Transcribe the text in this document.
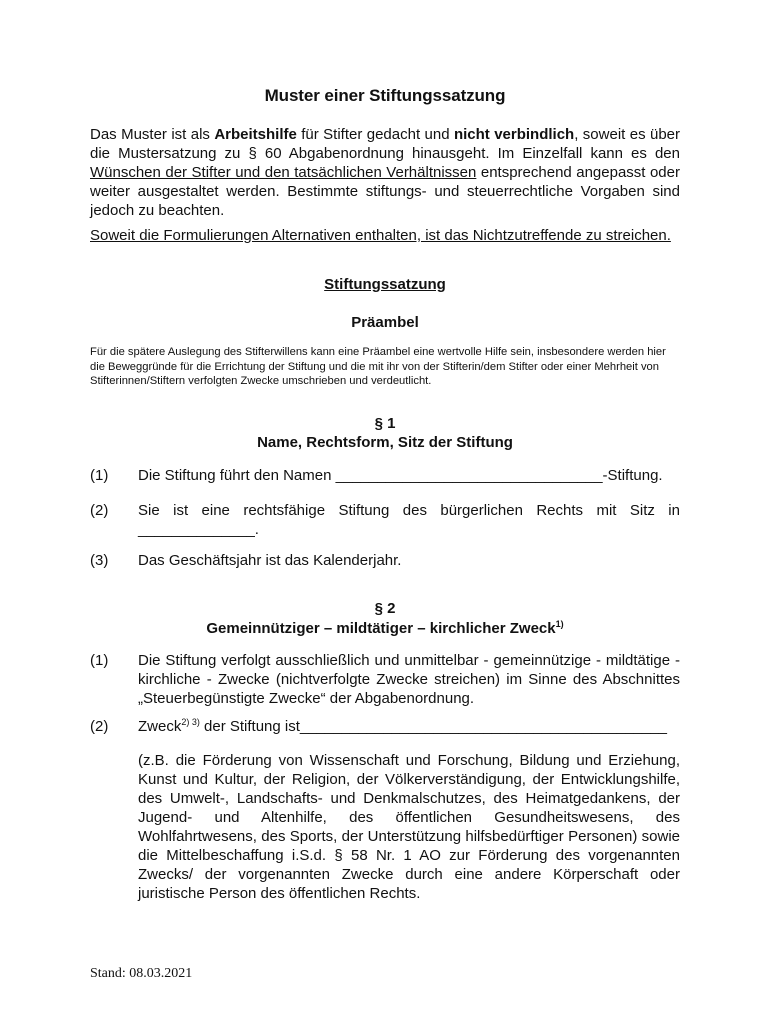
Muster einer Stiftungssatzung
Das Muster ist als Arbeitshilfe für Stifter gedacht und nicht verbindlich, soweit es über die Mustersatzung zu § 60 Abgabenordnung hinausgeht. Im Einzelfall kann es den Wünschen der Stifter und den tatsächlichen Verhältnissen entsprechend angepasst oder weiter ausgestaltet werden. Bestimmte stiftungs- und steuerrechtliche Vorgaben sind jedoch zu beachten.
Soweit die Formulierungen Alternativen enthalten, ist das Nichtzutreffende zu streichen.
Stiftungssatzung
Präambel
Für die spätere Auslegung des Stifterwillens kann eine Präambel eine wertvolle Hilfe sein, insbesondere werden hier die Beweggründe für die Errichtung der Stiftung und die mit ihr von der Stifterin/dem Stifter oder einer Mehrheit von Stifterinnen/Stiftern verfolgten Zwecke umschrieben und verdeutlicht.
§ 1
Name, Rechtsform, Sitz der Stiftung
(1)	Die Stiftung führt den Namen ________________________________-Stiftung.
(2)	Sie ist eine rechtsfähige Stiftung des bürgerlichen Rechts mit Sitz in ______________.
(3)	Das Geschäftsjahr ist das Kalenderjahr.
§ 2
Gemeinnütziger – mildtätiger – kirchlicher Zweck$^{1)}$
(1)	Die Stiftung verfolgt ausschließlich und unmittelbar - gemeinnützige - mildtätige - kirchliche - Zwecke (nichtverfolgte Zwecke streichen) im Sinne des Abschnittes „Steuerbegünstigte Zwecke“ der Abgabenordnung.
(2)	Zweck$^{2) 3)}$ der Stiftung ist____________________________________________
(z.B. die Förderung von Wissenschaft und Forschung, Bildung und Erziehung, Kunst und Kultur, der Religion, der Völkerverständigung, der Entwicklungshilfe, des Umwelt-, Landschafts- und Denkmalschutzes, des Heimatgedankens, der Jugend- und Altenhilfe, des öffentlichen Gesundheitswesens, des Wohlfahrtwesens, des Sports, der Unterstützung hilfsbedürftiger Personen) sowie die Mittelbeschaffung i.S.d. § 58 Nr. 1 AO zur Förderung des vorgenannten Zwecks/ der vorgenannten Zwecke durch eine andere Körperschaft oder juristische Person des öffentlichen Rechts.
Stand: 08.03.2021
